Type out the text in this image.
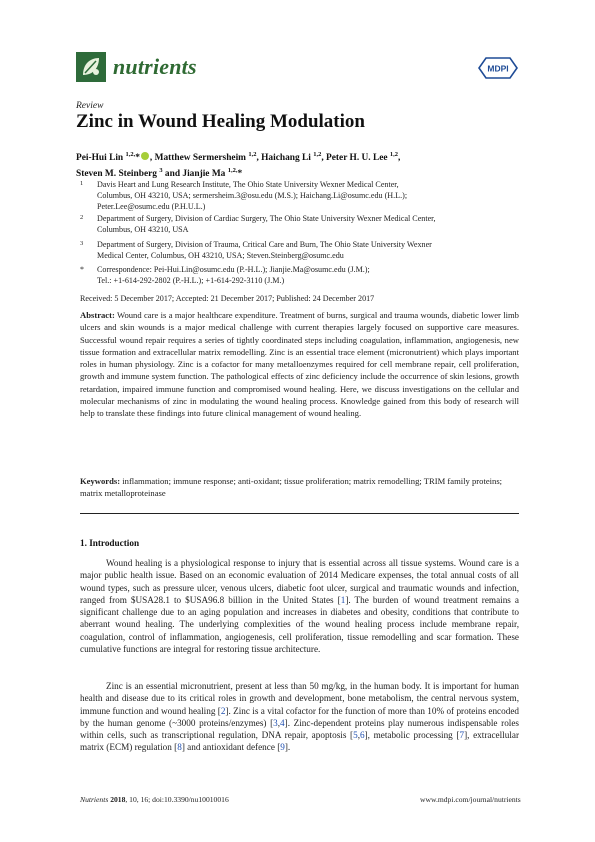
nutrients	MDPI
Review
Zinc in Wound Healing Modulation
Pei-Hui Lin $^{1,2,}$* , Matthew Sermersheim $^{1,2}$, Haichang Li $^{1,2}$, Peter H. U. Lee $^{1,2}$,
Steven M. Steinberg $^3$ and Jianjie Ma $^{1,2,}$*
1 Davis Heart and Lung Research Institute, The Ohio State University Wexner Medical Center,
Columbus, OH 43210, USA; sermersheim.3@osu.edu (M.S.); Haichang.Li@osumc.edu (H.L.);
Peter.Lee@osumc.edu (P.H.U.L.)
2 Department of Surgery, Division of Cardiac Surgery, The Ohio State University Wexner Medical Center,
Columbus, OH 43210, USA
3 Department of Surgery, Division of Trauma, Critical Care and Burn, The Ohio State University Wexner
Medical Center, Columbus, OH 43210, USA; Steven.Steinberg@osumc.edu
* Correspondence: Pei-Hui.Lin@osumc.edu (P.-H.L.); Jianjie.Ma@osumc.edu (J.M.);
Tel.: +1-614-292-2802 (P.-H.L.); +1-614-292-3110 (J.M.)
Received: 5 December 2017; Accepted: 21 December 2017; Published: 24 December 2017
Abstract: Wound care is a major healthcare expenditure. Treatment of burns, surgical and trauma wounds, diabetic lower limb ulcers and skin wounds is a major medical challenge with current therapies largely focused on supportive care measures. Successful wound repair requires a series of tightly coordinated steps including coagulation, inflammation, angiogenesis, new tissue formation and extracellular matrix remodelling. Zinc is an essential trace element (micronutrient) which plays important roles in human physiology. Zinc is a cofactor for many metalloenzymes required for cell membrane repair, cell proliferation, growth and immune system function. The pathological effects of zinc deficiency include the occurrence of skin lesions, growth retardation, impaired immune function and compromised wound healing. Here, we discuss investigations on the cellular and molecular mechanisms of zinc in modulating the wound healing process. Knowledge gained from this body of research will help to translate these findings into future clinical management of wound healing.
Keywords: inflammation; immune response; anti-oxidant; tissue proliferation; matrix remodelling; TRIM family proteins; matrix metalloproteinase
1. Introduction
Wound healing is a physiological response to injury that is essential across all tissue systems. Wound care is a major public health issue. Based on an economic evaluation of 2014 Medicare expenses, the total annual costs of all wound types, such as pressure ulcer, venous ulcers, diabetic foot ulcer, surgical and traumatic wounds and infection, ranged from $USA28.1 to $USA96.8 billion in the United States [1]. The burden of wound treatment remains a significant challenge due to an aging population and increases in diabetes and obesity, conditions that contribute to aberrant wound healing. The underlying complexities of the wound healing process include membrane repair, coagulation, control of inflammation, angiogenesis, cell proliferation, tissue remodelling and scar formation. These cumulative functions are integral for restoring tissue architecture.
Zinc is an essential micronutrient, present at less than 50 mg/kg, in the human body. It is important for human health and disease due to its critical roles in growth and development, bone metabolism, the central nervous system, immune function and wound healing [2]. Zinc is a vital cofactor for the function of more than 10% of proteins encoded by the human genome (~3000 proteins/enzymes) [3,4]. Zinc-dependent proteins play numerous indispensable roles within cells, such as transcriptional regulation, DNA repair, apoptosis [5,6], metabolic processing [7], extracellular matrix (ECM) regulation [8] and antioxidant defence [9].
Nutrients 2018, 10, 16; doi:10.3390/nu10010016	www.mdpi.com/journal/nutrients
